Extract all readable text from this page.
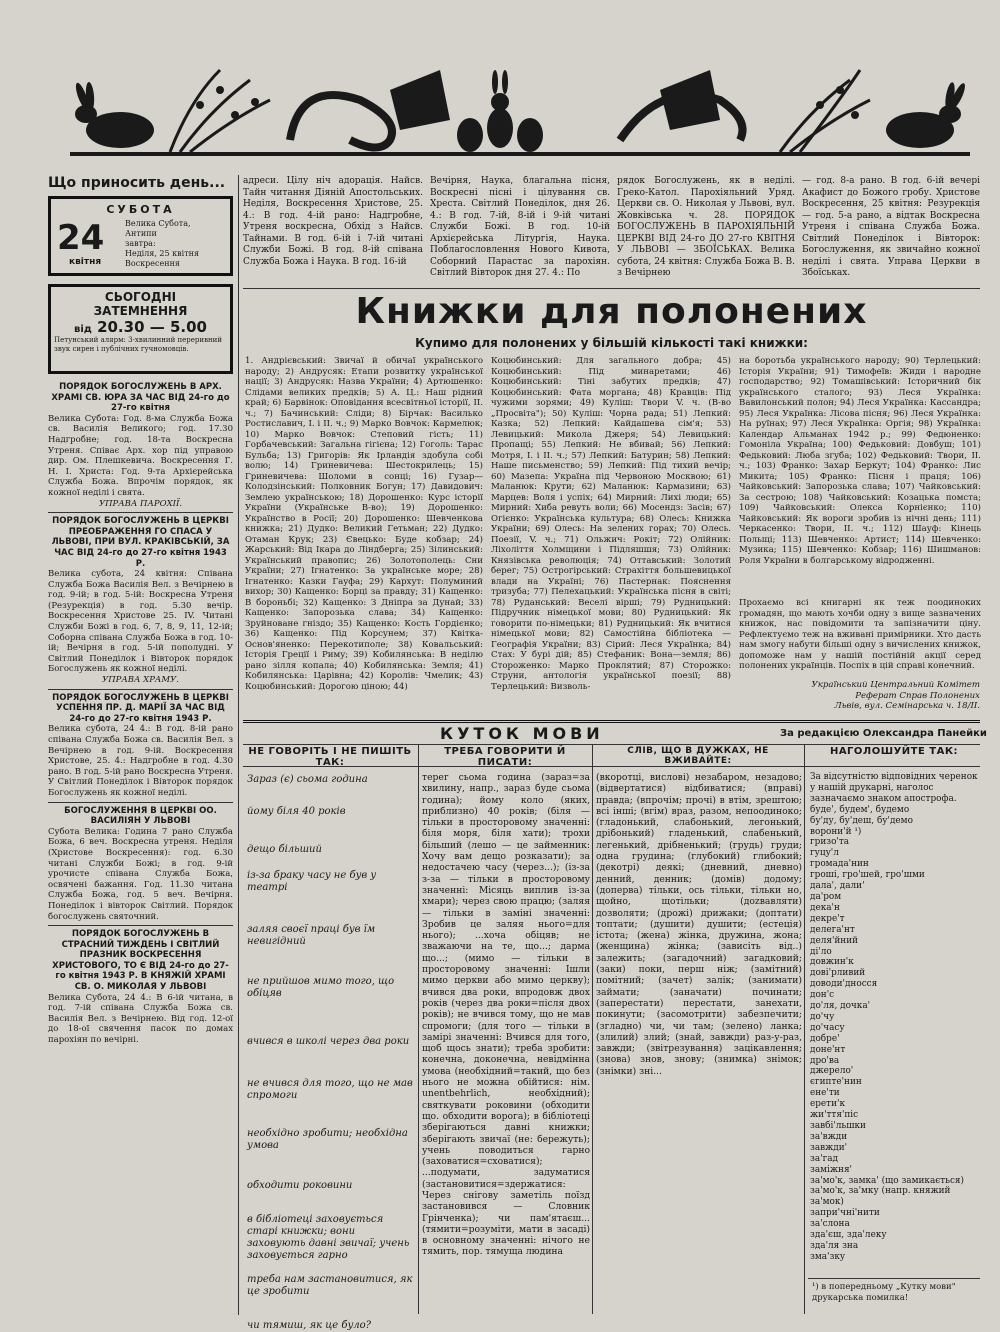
Що приносить день...
СУБОТА
24
квітня
Велика Субота,
Антипи
завтра:
Неділя, 25 квітня
Воскресення
СЬОГОДНІ
ЗАТЕМНЕННЯ
від 20.30 — 5.00
Петунський алярм: 3-хвилинний переривний звук сирен і публічних гучномовців.
ПОРЯДОК БОГОСЛУЖЕНЬ В АРХ. ХРАМІ СВ. ЮРА ЗА ЧАС ВІД 24-го до 27-го квітня
Велика Субота: Год. 8-ма Служба Божа св. Василія Великого; год. 17.30 Надгробне; год. 18-та Воскресна Утреня. Співає Арх. хор під управою дир. Ом. Плешкевича. Воскресення Г. Н. І. Христа: Год. 9-та Архієрейська Служба Божа. Впрочім порядок, як кожної неділі і свята.
УПРАВА ПАРОХІЇ.
ПОРЯДОК БОГОСЛУЖЕНЬ В ЦЕРКВІ ПРЕОБРАЖЕННЯ ГО СПАСА У ЛЬВОВІ, ПРИ ВУЛ. КРАКІВСЬКІЙ, ЗА ЧАС ВІД 24-го до 27-го квітня 1943 Р.
Велика субота, 24 квітня: Співана Служба Божа Василія Вел. з Вечірнею в год. 9-ій; в год. 5-ій: Воскресна Утреня (Резурекція) в год. 5.30 вечір. Воскресення Христове 25. IV. Читані Служби Божі в год. 6, 7, 8, 9, 11, 12-ій; Соборна співана Служба Божа в год. 10-ій; Вечірня в год. 5-ій пополудні. У Світлий Понеділок і Вівторок порядок Богослужень як кожної неділі.
УПРАВА ХРАМУ.
ПОРЯДОК БОГОСЛУЖЕНЬ В ЦЕРКВІ УСПЕННЯ ПР. Д. МАРІЇ ЗА ЧАС ВІД 24-го до 27-го квітня 1943 Р.
Велика субота, 24 4.: В год. 8-ій рано співана Служба Божа св. Василія Вел. з Вечірнею в год. 9-ій. Воскресення Христове, 25. 4.: Надгробне в год. 4.30 рано. В год. 5-ій рано Воскресна Утреня. У Світлий Понеділок і Вівторок порядок Богослужень як кожної неділі.
БОГОСЛУЖЕННЯ В ЦЕРКВІ ОО. ВАСИЛІЯН У ЛЬВОВІ
Субота Велика: Година 7 рано Служба Божа, 6 веч. Воскресна утреня. Неділя (Христове Воскресення): год. 6.30 читані Служби Божі; в год. 9-ій урочисте співана Служба Божа, освячені бажання. Год. 11.30 читана Служба Божа, год. 5 веч. Вечірня. Понеділок і вівторок Світлий. Порядок богослужень святочний.
ПОРЯДОК БОГОСЛУЖЕНЬ В СТРАСНИЙ ТИЖДЕНЬ І СВІТЛИЙ ПРАЗНИК ВОСКРЕСЕННЯ ХРИСТОВОГО, ТО Є ВІД 24-го до 27-го квітня 1943 Р. В КНЯЖІЙ ХРАМІ СВ. О. МИКОЛАЯ У ЛЬВОВІ
Велика Субота, 24 4.: В 6-ій читана, в год. 7-ій співана Служба Божа св. Василія Вел. з Вечірнею. Від год. 12-ої до 18-ої свячення пасок по домах парохіян по вечірні.
адреси. Цілу ніч адорація. Найсв. Тайн читання Діяній Апостольських. Неділя, Воскресення Христове, 25. 4.: В год. 4-ій рано: Надгробне, Утреня воскресна, Обхід з Найсв. Тайнами. В год. 6-ій і 7-ій читані Служби Божі. В год. 8-ій співана Служба Божа і Наука. В год. 16-ій
Вечірня, Наука, благальна пісня, Воскресні пісні і цілування св. Хреста. Світлий Понеділок, дня 26. 4.: В год. 7-ій, 8-ій і 9-ій читані Служби Божі. В год. 10-ій Архієрейська Літургія, Наука. Поблагословлення Нового Кивота, Соборний Парастас за парохіян. Світлий Вівторок дня 27. 4.: По
рядок Богослужень, як в неділі. Греко-Катол. Парохіяльний Уряд. Церкви св. О. Николая у Львові, вул. Жовківська ч. 28. ПОРЯДОК БОГОСЛУЖЕНЬ В ПАРОХІЯЛЬНІЙ ЦЕРКВІ ВІД 24-го ДО 27-го КВІТНЯ У ЛЬВОВІ — ЗБОЇСЬКАХ. Велика субота, 24 квітня: Служба Божа В. В. з Вечірнею
— год. 8-а рано. В год. 6-ій вечері Акафист до Божого гробу. Христове Воскресення, 25 квітня: Резурекція — год. 5-а рано, а відтак Воскресна Утреня і співана Служба Божа. Світлий Понеділок і Вівторок: Богослуження, як звичайно кожної неділі і свята. Управа Церкви в Збоїськах.
Книжки для полонених
Купимо для полонених у більшій кількості такі книжки:
1. Андрієвський: Звичаї й обичаї українського народу; 2) Андрусяк: Етапи розвитку української нації; 3) Андрусяк: Назва України; 4) Артюшенко: Слідами великих предків; 5) А. Ц.: Наш рідний край; 6) Барвінок: Оповідання всесвітньої історії, II. ч.; 7) Бачинський: Сліди; 8) Бірчак: Василько Ростиславич, I. і II. ч.; 9) Марко Вовчок: Кармелюк; 10) Марко Вовчок: Степовий гість; 11) Горбачевський: Загальна гігієна; 12) Гоголь: Тарас Бульба; 13) Григорів: Як Ірландія здобула собі волю; 14) Гриневичева: Шестокрилець; 15) Гриневичева: Шоломи в сонці; 16) Гузар—Колодзінський: Полковник Богун; 17) Давидович: Землею українською; 18) Дорошенко: Курс історії України (Українське В-во); 19) Дорошенко: Українство в Росії; 20) Дорошенко: Шевченкова книжка; 21) Дудко: Великий Гетьман; 22) Дудко: Отаман Крук; 23) Євецько: Буде кобзар; 24) Жарський: Від Ікара до Ліндберга; 25) Зілинський: Український правопис; 26) Золотополець: Сни України; 27) Ігнатенко: За українське море; 28) Ігнатенко: Казки Гауфа; 29) Кархут: Полуминий вихор; 30) Кащенко: Борці за правду; 31) Кащенко: В бороньбі; 32) Кащенко: З Дніпра за Дунай; 33) Кащенко: Запорозька слава; 34) Кащенко: Зруйноване гніздо; 35) Кащенко: Кость Гордієнко; 36) Кащенко: Під Корсунем; 37) Квітка-Основ'яненко: Перекотиполе; 38) Ковальський: Історія Греції і Риму; 39) Кобилянська: В неділю рано зілля копала; 40) Кобилянська: Земля; 41) Кобилянська: Царівна; 42) Королів: Чмелик; 43) Коцюбинський: Дорогою ціною; 44)
Коцюбинський: Для загального добра; 45) Коцюбинський: Під минаретами; 46) Коцюбинський: Тіні забутих предків; 47) Коцюбинський: Фата моргана; 48) Кравців: Під чужими зорями; 49) Куліш: Твори V. ч. (В-во „Просвіта"); 50) Куліш: Чорна рада; 51) Лепкий: Казка; 52) Лепкий: Кайдашева сім'я; 53) Левицький: Микола Джеря; 54) Левицький: Пропащі; 55) Лепкий: Не вбивай; 56) Лепкий: Мотря, I. і II. ч.; 57) Лепкий: Батурин; 58) Лепкий: Наше письменство; 59) Лепкий: Під тихий вечір; 60) Мазепа: Україна під Червоною Москвою; 61) Маланюк: Крути; 62) Маланюк: Кармазини; 63) Марцев: Воля і успіх; 64) Мирний: Лихі люди; 65) Мирний: Хиба ревуть воли; 66) Мосендз: Засів; 67) Огієнко: Українська культура; 68) Олесь: Книжка України; 69) Олесь: На зелених горах; 70) Олесь. Поезії, V. ч.; 71) Ольжич: Рокіт; 72) Олійник: Ліхоліття Холмщини і Підляшшя; 73) Олійник: Князівська революція; 74) Оттавський: Золотий берег; 75) Острогірський: Страхіття большевицької влади на Україні; 76) Пастернак: Пояснення тризуба; 77) Пелехацький: Українська пісня в світі; 78) Руданський: Веселі вірші; 79) Рудницький: Підручник німецької мови; 80) Рудницький: Як говорити по-німецьки; 81) Рудницький: Як вчитися німецької мови; 82) Самостійна бібліотека — Географія України; 83) Сірий: Леся Українка; 84) Стах: У бурі дій; 85) Стефаник: Вона—земля; 86) Стороженко: Марко Проклятий; 87) Сторожко: Струни, антологія української поезії; 88) Терлецький: Визволь-
на боротьба українського народу; 90) Терлецький: Історія України; 91) Тимофеїв: Жиди і народне господарство; 92) Томашівський: Історичний бік українського сталого; 93) Леся Українка: Вавилонський полон; 94) Леся Українка: Кассандра; 95) Леся Українка: Лісова пісня; 96) Леся Українка: На руїнах; 97) Леся Українка: Оргія; 98) Українка: Календар Альманах 1942 р.; 99) Федюненко: Гомоніла Україна; 100) Федьковий: Довбуш; 101) Федьковий: Люба згуба; 102) Федьковий: Твори, II. ч.; 103) Франко: Захар Беркут; 104) Франко: Лис Микита; 105) Франко: Пісня і праця; 106) Чайковський: Запорозька слава; 107) Чайковський: За сестрою; 108) Чайковський: Козацька помста; 109) Чайковський: Олекса Корнієнко; 110) Чайковський: Як вороги зробив із нічні день; 111) Черкасенко: Твори, II. ч.; 112) Шауф: Кінець Польщі; 113) Шевченко: Артист; 114) Шевченко: Музика; 115) Шевченко: Кобзар; 116) Шишманов: Роля України в болгарському відродженні.
Прохаємо всі книгарні як теж поодиноких громадян, що мають хочби одну з вище зазначених книжок, нас повідомити та запізначити ціну. Рефлектуємо теж на вживані примірники. Хто дасть нам змогу набути більші одну з вичислених книжок, допоможе нам у нашій постійній акції серед полонених українців. Поспіх в цій справі конечний.
Український Центральний Комітет
Реферат Справ Полонених
Львів, вул. Семінарська ч. 18/II.
КУТОК МОВИ	За редакцією Олександра Панейки
НЕ ГОВОРІТЬ І НЕ ПИШІТЬ ТАК:
ТРЕБА ГОВОРИТИ Й ПИСАТИ:
СЛІВ, ЩО В ДУЖКАХ, НЕ ВЖИВАЙТЕ:
НАГОЛОШУЙТЕ ТАК:
Зараз (є) сьома година
йому біля 40 років
дещо більший
із-за браку часу не був у театрі
заляя своєї праці був їм невигідний
не прийшов мимо того, що обіцяв
вчився в школі через два роки
не вчився для того, що не мав спромоги
необхідно зробити; необхідна умова
обходити роковини
в бібліотеці заховується старі книжки; вони заховують давні звичаї; учень заховується гарно
треба нам застановитися, як це зробити
чи тямиш, як це було?
теper сьома година (зараз=за хвилину, напр., зараз буде сьома година); йому коло (яких, приблизно) 40 років; (біля — тільки в просторовому значенні: біля моря, біля хати); трохи більший (лешо — це займенник: Хочу вам дещо розказати); за недостачею часу (через...); (із-за з-за — тільки в просторовому значенні: Місяць виплив із-за хмари); через свою працю; (заляя — тільки в заміні значенні: Зробив це заляя нього=для нього); ...хоча обіцяв; не зважаючи на те, що...; дарма що...; (мимо — тільки в просторовому значенні: Ішли мимо церкви або мимо церкву); вчився два роки, впродовж двох років (через два роки=після двох років); не вчився тому, що не мав спромоги; (для того — тільки в замірі значенні: Вчився для того, щоб щось знати); треба зробити: конечна, доконечна, невідмінна умова (необхідний=такий, що без нього не можна обійтися: нім. unentbehrlich, необхідний); святкувати роковини (обходити що. обходити ворога); в бібліотеці зберігаються давні книжки; зберігають звичаї (не: бережуть); учень поводиться гарно (заховатися=сховатися); ...подумати, задуматися (застановитися=здержатися: Через снігову заметіль поїзд застановився — Словник Грінченка); чи пам'ятаєш... (тямити=розуміти, мати в засаді) в основному значенні: нічого не тямить, пор. тямуща людина
(вкоротці, вислові) незабаром, незадово; (відвертатися) відбиватися; (вправі) правда; (впрочім; прочі) в втім, зрештою; всі інші; (вгім) враз, разом, непоодиноко; (гладонький, слабонький, легонький, дрібонький) гладенький, слабенький, легенький, дрібненький; (грудь) груди; одна грудина; (глубокий) глибокий; (декотрі) деякі; (дневний, дневно) денний, денник; (домів) додому; (доперва) тільки, ось тільки, тільки но, щойно, щотільки; (доzвавляти) дозволяти; (дрожі) дрижаки; (доптати) топтати; (душити) душити; (естеція) істота; (жена) жінка, дружина, жона; (женщина) жінка; (зависіть від..) залежить; (загадочний) загадковий; (заки) поки, перш ніж; (замітний) помітний; (зачет) залік; (занимати) займати; (заначати) починати; (заперестати) перестати, занехати, покинути; (засомотрити) забезпечити; (згладно) чи, чи там; (зелено) ланка; (злилий) злий; (знай, завжди) раз-у-раз, завжди; (звітрезування) зацікавлення; (знова) знов, знову; (знимка) знімок; (знімки) зні...
За відсутністю відповідних черенок у нашій друкарні, наголос зазначаємо знаком апострофа.
буде', будем', будемо
бу'ду, бу'деш, бу'демо
ворони'й ¹)
гризо'та
гуцу'л
громада'нин
гроші, гро'шей, гро'шми
дала', дали'
да'ром
дека'н
декре'т
делега'нт
деля'йний
ді'ло
довжин'к
довi'рливий
доводи'дносся
дон'с
до'ля, дочка'
до'чу
до'часу
добре'
доне'нт
дро'ва
джерело'
єгипте'нин
ене'ти
ерети'к
жи'ття'піс
завбі'льшки
за'вжди
завжди'
за'гад
заміжня'
за'мо'к, замка' (що замикається)
за'мо'к, за'мку (напр. княжий за'мок)
запри'чні'нити
за'слона
зда'єш, зда'леку
зда'ля зна
зма'зку
¹) в попередньому „Кутку мови" друкарська помилка!
